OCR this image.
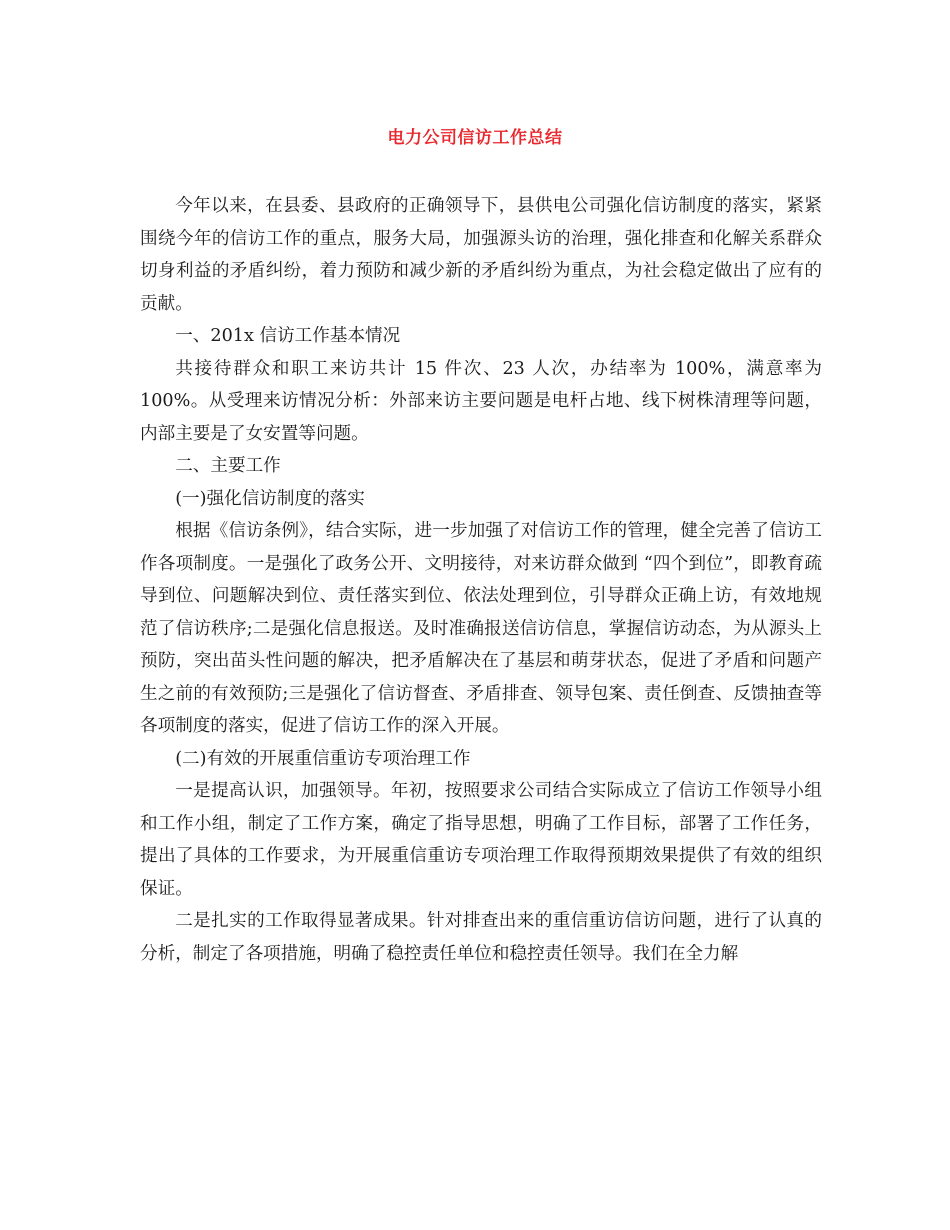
电力公司信访工作总结

今年以来，在县委、县政府的正确领导下，县供电公司强化信访制度的落实，紧紧围绕今年的信访工作的重点，服务大局，加强源头访的治理，强化排查和化解关系群众切身利益的矛盾纠纷，着力预防和减少新的矛盾纠纷为重点，为社会稳定做出了应有的贡献。

一、201x 信访工作基本情况

共接待群众和职工来访共计 15 件次、23 人次，办结率为 100%，满意率为 100%。从受理来访情况分析：外部来访主要问题是电杆占地、线下树株清理等问题，内部主要是了女安置等问题。

二、主要工作

(一)强化信访制度的落实

根据《信访条例》，结合实际，进一步加强了对信访工作的管理，健全完善了信访工作各项制度。一是强化了政务公开、文明接待，对来访群众做到 “四个到位”，即教育疏导到位、问题解决到位、责任落实到位、依法处理到位，引导群众正确上访，有效地规范了信访秩序;二是强化信息报送。及时准确报送信访信息，掌握信访动态，为从源头上预防，突出苗头性问题的解决，把矛盾解决在了基层和萌芽状态，促进了矛盾和问题产生之前的有效预防;三是强化了信访督查、矛盾排查、领导包案、责任倒查、反馈抽查等各项制度的落实，促进了信访工作的深入开展。

(二)有效的开展重信重访专项治理工作

一是提高认识，加强领导。年初，按照要求公司结合实际成立了信访工作领导小组和工作小组，制定了工作方案，确定了指导思想，明确了工作目标，部署了工作任务，提出了具体的工作要求，为开展重信重访专项治理工作取得预期效果提供了有效的组织保证。

二是扎实的工作取得显著成果。针对排查出来的重信重访信访问题，进行了认真的分析，制定了各项措施，明确了稳控责任单位和稳控责任领导。我们在全力解
